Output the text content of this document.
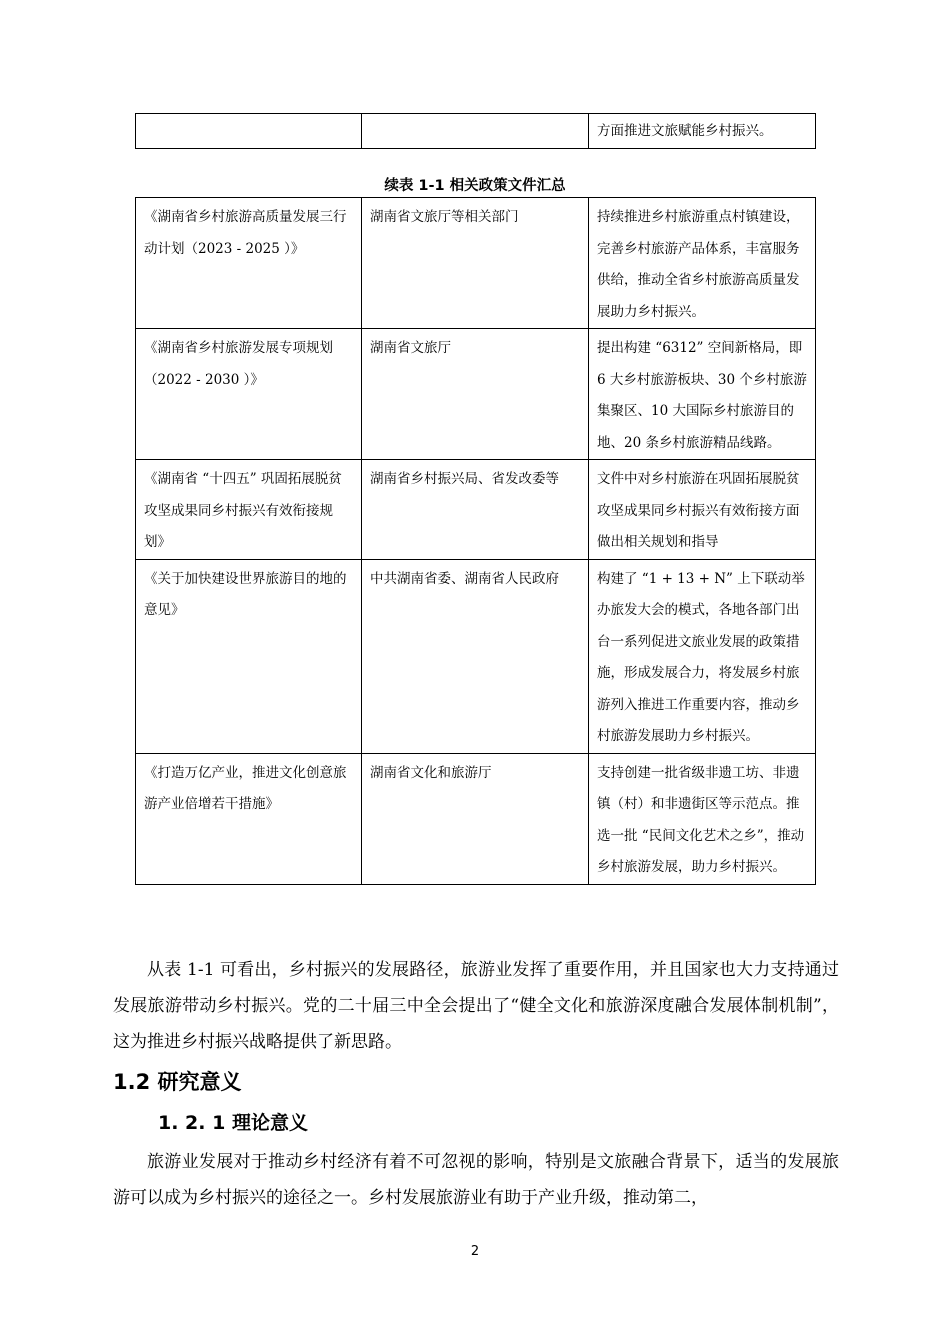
		方面推进文旅赋能乡村振兴。
续表 1-1 相关政策文件汇总
《湖南省乡村旅游高质量发展三行动计划（2023 - 2025 ）》	湖南省文旅厅等相关部门	持续推进乡村旅游重点村镇建设，完善乡村旅游产品体系，丰富服务供给，推动全省乡村旅游高质量发展助力乡村振兴。
《湖南省乡村旅游发展专项规划（2022 - 2030 ）》	湖南省文旅厅	提出构建 “6312” 空间新格局，即 6 大乡村旅游板块、30 个乡村旅游集聚区、10 大国际乡村旅游目的地、20 条乡村旅游精品线路。
《湖南省 “十四五” 巩固拓展脱贫攻坚成果同乡村振兴有效衔接规划》	湖南省乡村振兴局、省发改委等	文件中对乡村旅游在巩固拓展脱贫攻坚成果同乡村振兴有效衔接方面做出相关规划和指导
《关于加快建设世界旅游目的地的意见》	中共湖南省委、湖南省人民政府	构建了 “1 + 13 + N” 上下联动举办旅发大会的模式，各地各部门出台一系列促进文旅业发展的政策措施，形成发展合力，将发展乡村旅游列入推进工作重要内容，推动乡村旅游发展助力乡村振兴。
《打造万亿产业，推进文化创意旅游产业倍增若干措施》	湖南省文化和旅游厅	支持创建一批省级非遗工坊、非遗镇（村）和非遗街区等示范点。推选一批 “民间文化艺术之乡”，推动乡村旅游发展，助力乡村振兴。

从表 1-1 可看出，乡村振兴的发展路径，旅游业发挥了重要作用，并且国家也大力支持通过发展旅游带动乡村振兴。党的二十届三中全会提出了“健全文化和旅游深度融合发展体制机制”，这为推进乡村振兴战略提供了新思路。

1.2 研究意义
1. 2. 1 理论意义

旅游业发展对于推动乡村经济有着不可忽视的影响，特别是文旅融合背景下，适当的发展旅游可以成为乡村振兴的途径之一。乡村发展旅游业有助于产业升级，推动第二，

2
